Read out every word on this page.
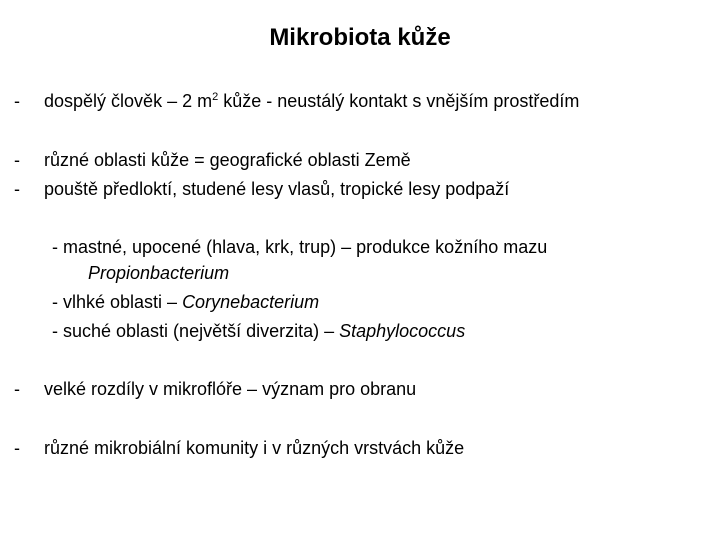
Mikrobiota kůže
- dospělý člověk – 2 $m^2$ kůže - neustálý kontakt s vnějším prostředím
- různé oblasti kůže = geografické oblasti Země
- pouště předloktí, studené lesy vlasů, tropické lesy podpaží
- mastné, upocené (hlava, krk, trup) – produkce kožního mazu
Propionbacterium
- vlhké oblasti – Corynebacterium
- suché oblasti (největší diverzita) – Staphylococcus
- velké rozdíly v mikroflóře – význam pro obranu
- různé mikrobiální komunity i v různých vrstvách kůže
